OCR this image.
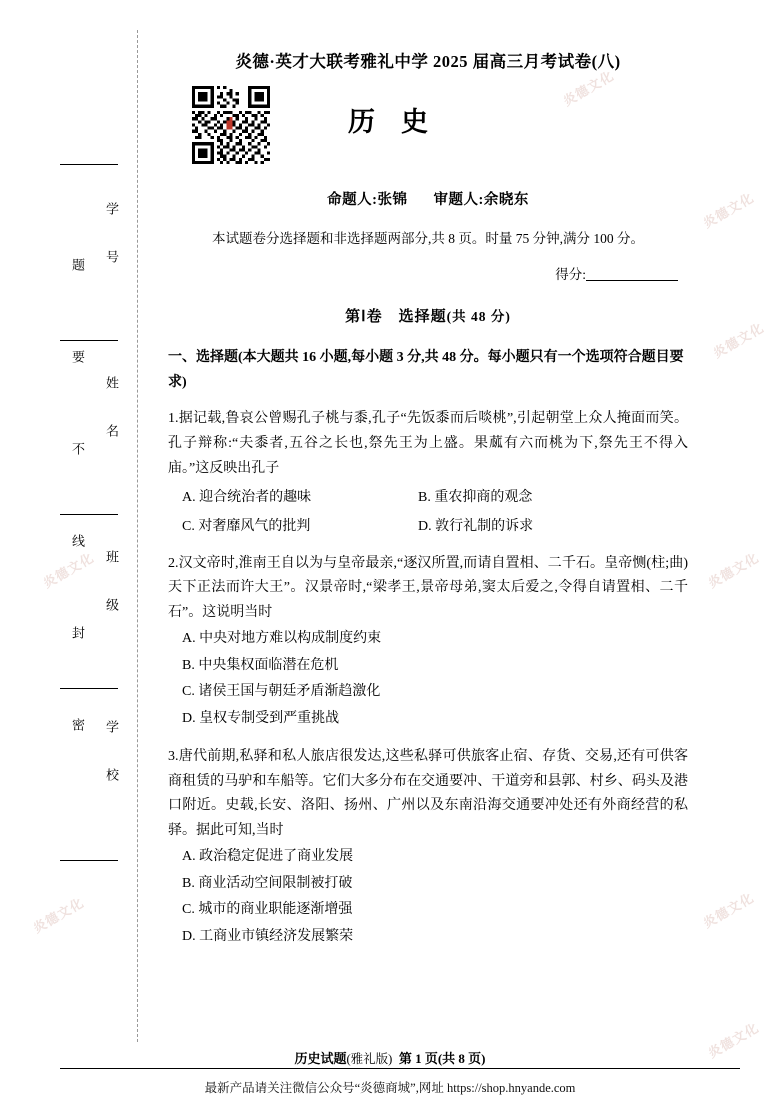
炎德文化
炎德文化
炎德文化
炎德文化	炎德文化
炎德文化	炎德文化
炎德文化
学　号
姓　名
班　级
学　校
题 要 不 线 封 密
炎德·英才大联考雅礼中学 2025 届高三月考试卷(八)
历史
命题人:张锦 审题人:余晓东
本试题卷分选择题和非选择题两部分,共 8 页。时量 75 分钟,满分 100 分。
得分:
第Ⅰ卷　选择题(共 48 分)
一、选择题(本大题共 16 小题,每小题 3 分,共 48 分。每小题只有一个选项符合题目要求)
1.据记载,鲁哀公曾赐孔子桃与黍,孔子“先饭黍而后啖桃”,引起朝堂上众人掩面而笑。孔子辩称:“夫黍者,五谷之长也,祭先王为上盛。果蓏有六而桃为下,祭先王不得入庙。”这反映出孔子
A. 迎合统治者的趣味	B. 重农抑商的观念
C. 对奢靡风气的批判	D. 敦行礼制的诉求
2.汉文帝时,淮南王自以为与皇帝最亲,“逐汉所置,而请自置相、二千石。皇帝恻(柱;曲)天下正法而许大王”。汉景帝时,“梁孝王,景帝母弟,窦太后爱之,令得自请置相、二千石”。这说明当时
A. 中央对地方难以构成制度约束
B. 中央集权面临潜在危机
C. 诸侯王国与朝廷矛盾渐趋激化
D. 皇权专制受到严重挑战
3.唐代前期,私驿和私人旅店很发达,这些私驿可供旅客止宿、存货、交易,还有可供客商租赁的马驴和车船等。它们大多分布在交通要冲、干道旁和县郭、村乡、码头及港口附近。史载,长安、洛阳、扬州、广州以及东南沿海交通要冲处还有外商经营的私驿。据此可知,当时
A. 政治稳定促进了商业发展
B. 商业活动空间限制被打破
C. 城市的商业职能逐渐增强
D. 工商业市镇经济发展繁荣
历史试题(雅礼版) 第 1 页(共 8 页)
最新产品请关注微信公众号“炎德商城”,网址 https://shop.hnyande.com
